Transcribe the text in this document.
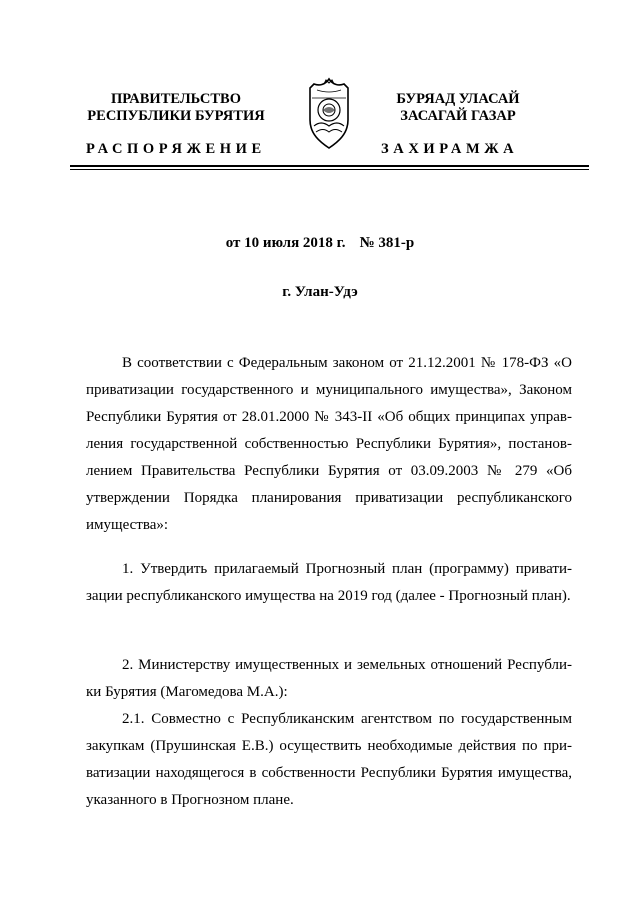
ПРАВИТЕЛЬСТВО
РЕСПУБЛИКИ БУРЯТИЯ
РАСПОРЯЖЕНИЕ
БУРЯАД УЛАСАЙ
ЗАСАГАЙ ГАЗАР
ЗАХИРАМЖА
от 10 июля 2018 г. № 381-р
г. Улан-Удэ

В соответствии с Федеральным законом от 21.12.2001 № 178-ФЗ «О приватизации государственного и муниципального имущества», Законом Республики Бурятия от 28.01.2000 № 343-II «Об общих принципах управ-ления государственной собственностью Республики Бурятия», постанов-лением Правительства Республики Бурятия от 03.09.2003 № 279 «Об утверждении Порядка планирования приватизации республиканского имущества»:

1. Утвердить прилагаемый Прогнозный план (программу) привати-зации республиканского имущества на 2019 год (далее - Прогнозный план).

2. Министерству имущественных и земельных отношений Республи-ки Бурятия (Магомедова М.А.):

2.1. Совместно с Республиканским агентством по государственным закупкам (Прушинская Е.В.) осуществить необходимые действия по при-ватизации находящегося в собственности Республики Бурятия имущества, указанного в Прогнозном плане.
